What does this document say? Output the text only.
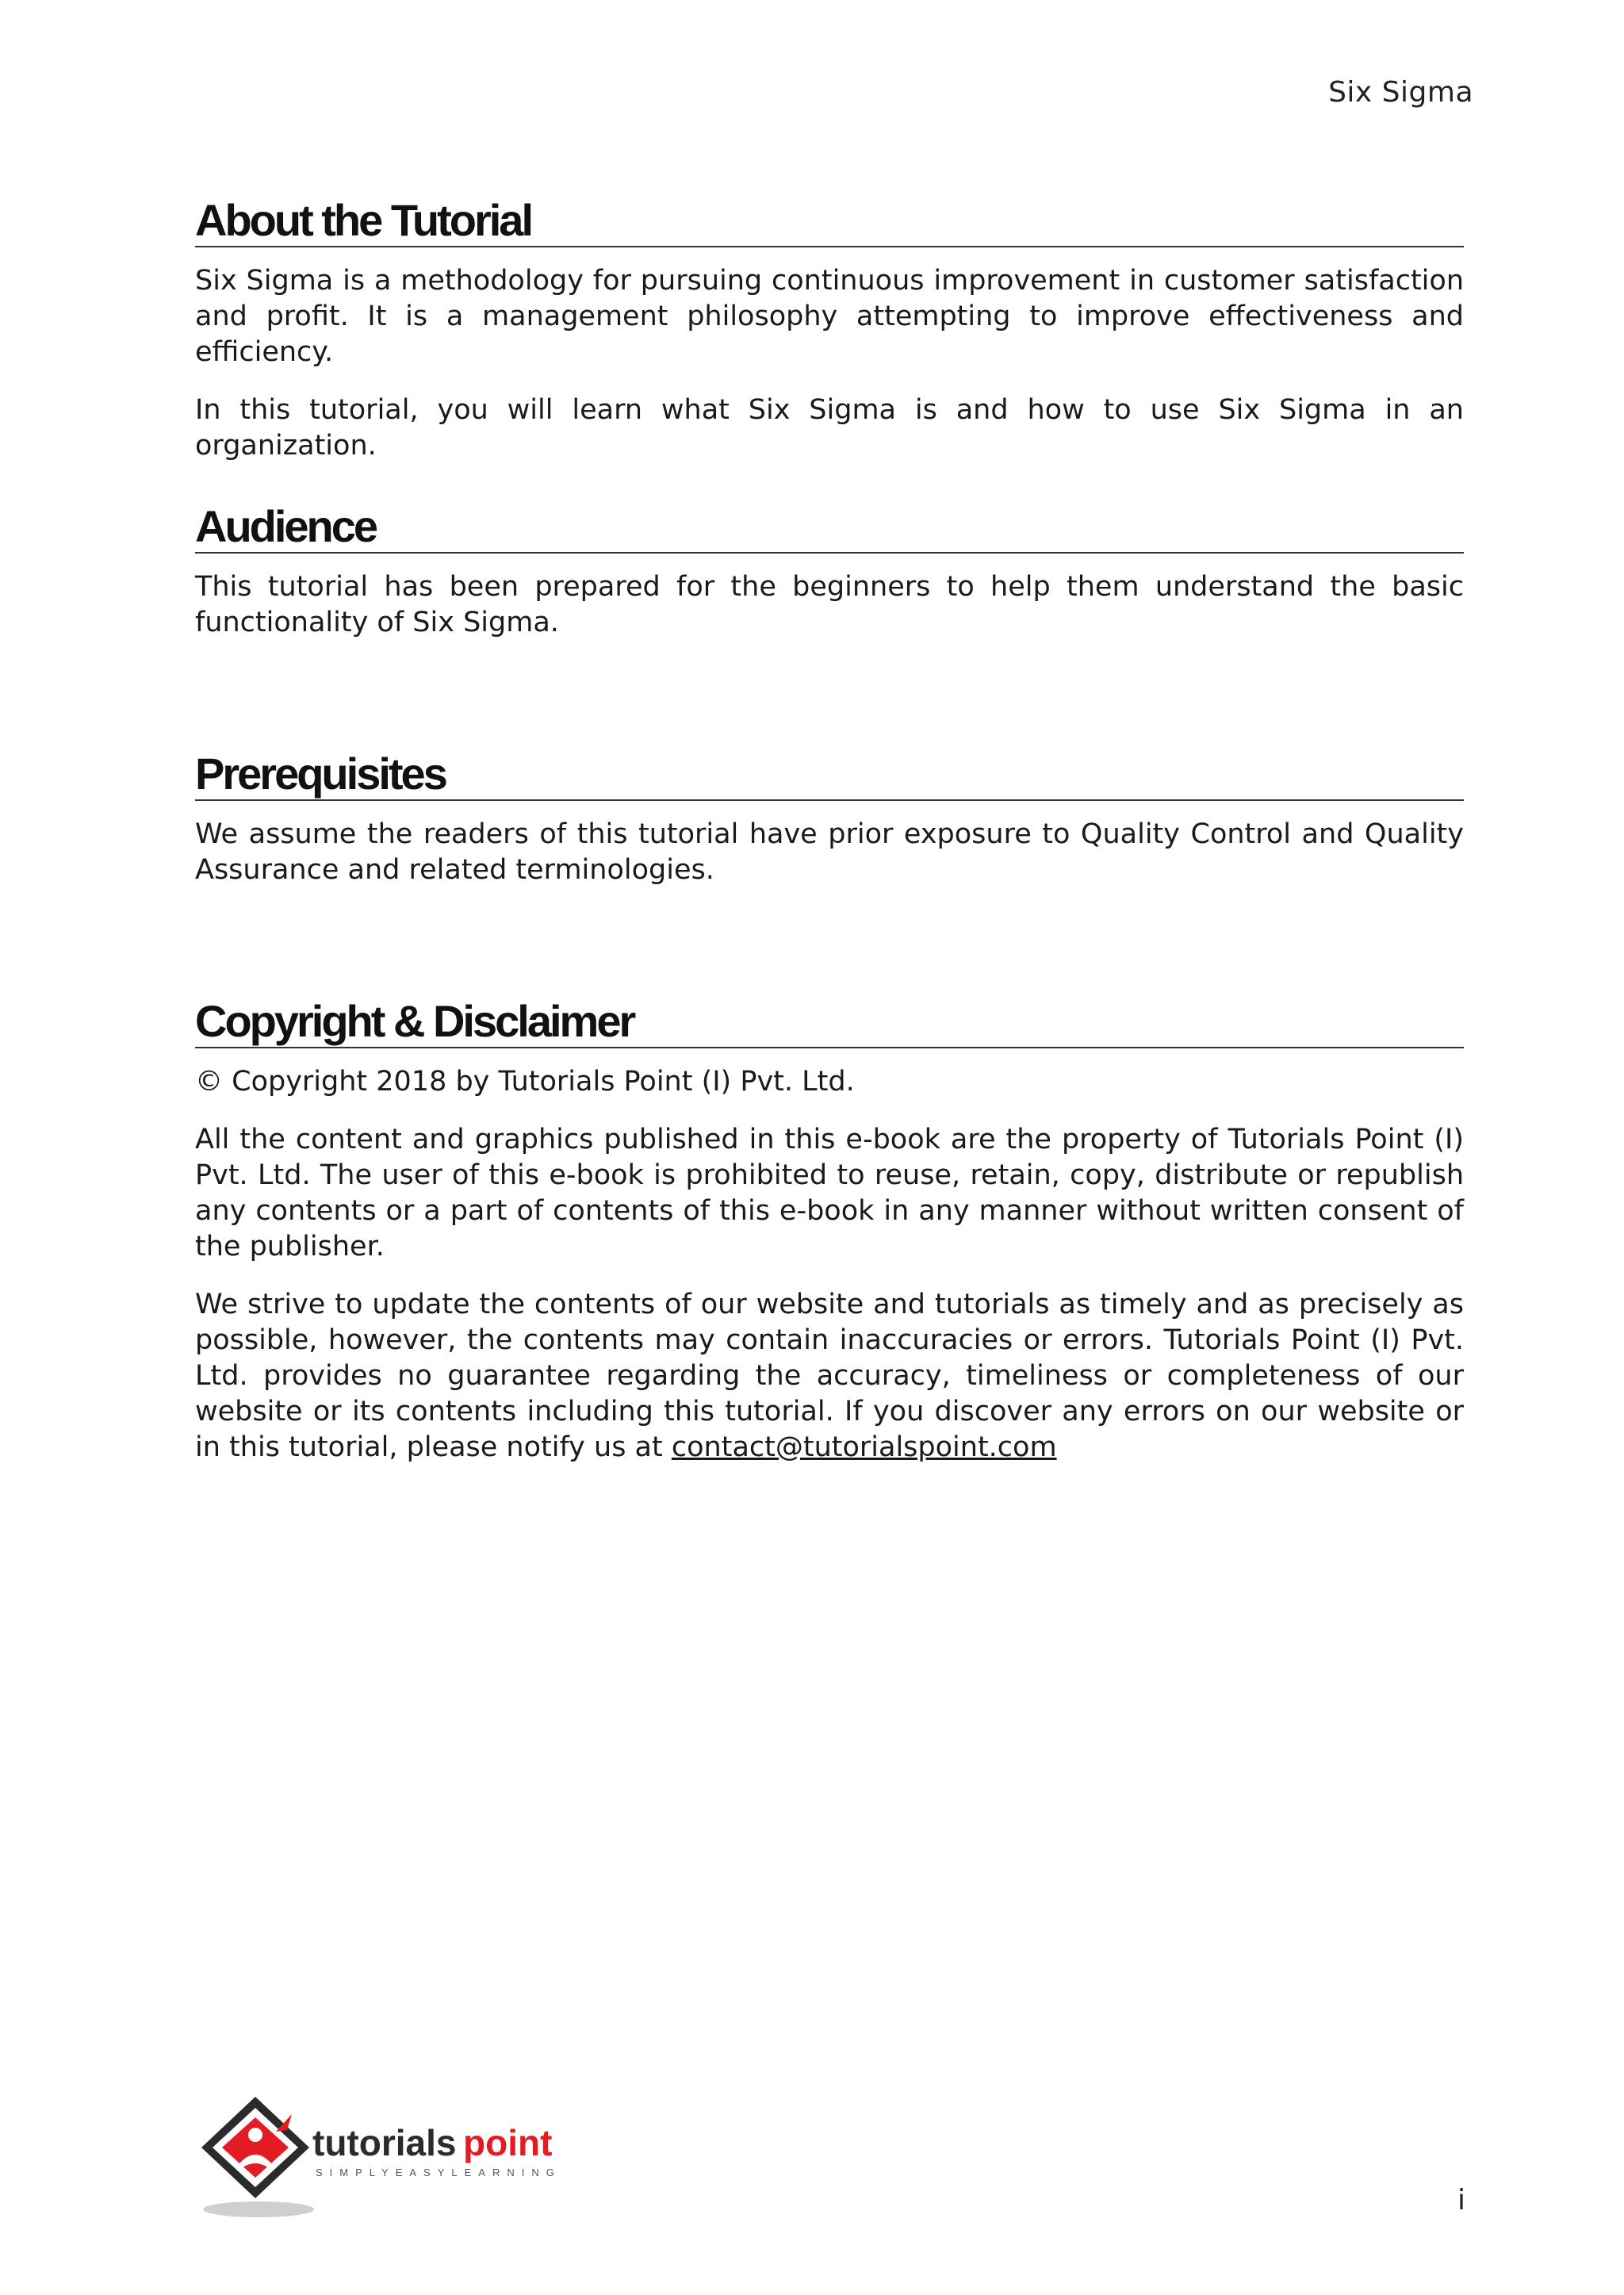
Six Sigma
About the Tutorial

Six Sigma is a methodology for pursuing continuous improvement in customer satisfaction and profit. It is a management philosophy attempting to improve effectiveness and efficiency.

In this tutorial, you will learn what Six Sigma is and how to use Six Sigma in an organization.

Audience

This tutorial has been prepared for the beginners to help them understand the basic functionality of Six Sigma.

Prerequisites

We assume the readers of this tutorial have prior exposure to Quality Control and Quality Assurance and related terminologies.

Copyright & Disclaimer

© Copyright 2018 by Tutorials Point (I) Pvt. Ltd.

All the content and graphics published in this e-book are the property of Tutorials Point (I) Pvt. Ltd. The user of this e-book is prohibited to reuse, retain, copy, distribute or republish any contents or a part of contents of this e-book in any manner without written consent of the publisher.

We strive to update the contents of our website and tutorials as timely and as precisely as possible, however, the contents may contain inaccuracies or errors. Tutorials Point (I) Pvt. Ltd. provides no guarantee regarding the accuracy, timeliness or completeness of our website or its contents including this tutorial. If you discover any errors on our website or in this tutorial, please notify us at contact@tutorialspoint.com

tutorials point
SIMPLYEASYLEARNING
i
